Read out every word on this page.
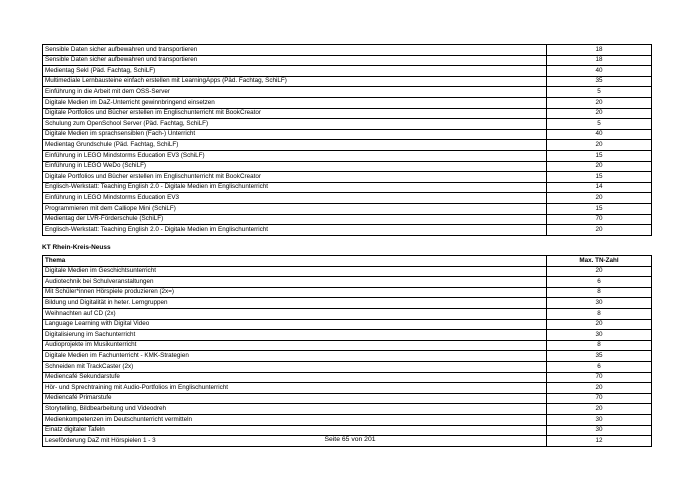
Sensible Daten sicher aufbewahren und transportieren	18
Sensible Daten sicher aufbewahren und transportieren	18
Medientag SekI (Päd. Fachtag, SchiLF)	40
Multimediale Lernbausteine einfach erstellen mit LearningApps (Päd. Fachtag, SchiLF)	35
Einführung in die Arbeit mit dem OSS-Server	5
Digitale Medien im DaZ-Unterricht gewinnbringend einsetzen	20
Digitale Portfolios und Bücher erstellen im Englischunterricht mit BookCreator	20
Schulung zum OpenSchool Server (Päd. Fachtag, SchiLF)	5
Digitale Medien im sprachsensiblen (Fach-) Unterricht	40
Medientag Grundschule (Päd. Fachtag, SchiLF)	20
Einführung in LEGO Mindstorms Education EV3 (SchiLF)	15
Einführung in LEGO WeDo (SchiLF)	20
Digitale Portfolios und Bücher erstellen im Englischunterricht mit BookCreator	15
Englisch-Werkstatt: Teaching English 2.0 - Digitale Medien im Englischunterricht	14
Einführung in LEGO Mindstorms Education EV3	20
Programmieren mit dem Calliope Mini (SchiLF)	15
Medientag der LVR-Förderschule (SchiLF)	70
Englisch-Werkstatt: Teaching English 2.0 - Digitale Medien im Englischunterricht	20
KT Rhein-Kreis-Neuss
Thema	Max. TN-Zahl
Digitale Medien im Geschichtsunterricht	20
Audiotechnik bei Schulveranstaltungen	6
Mit Schüler*innen Hörspiele produzieren (2x=)	8
Bildung und Digitalität in heter. Lerngruppen	30
Weihnachten auf CD (2x)	8
Language Learning with Digital Video	20
Digitalisierung im Sachunterricht	30
Audioprojekte im Musikunterricht	8
Digitale Medien im Fachunterricht - KMK-Strategien	35
Schneiden mit TrackCaster (2x)	6
Mediencafé Sekundarstufe	70
Hör- und Sprechtraining mit Audio-Portfolios im Englischunterricht	20
Mediencafé Primarstufe	70
Storytelling, Bildbearbeitung und Videodreh	20
Medienkompetenzen im Deutschunterricht vermitteln	30
Einatz digitaler Tafeln	30
Leseförderung DaZ mit Hörspielen 1 - 3	12
Seite 65 von 201
